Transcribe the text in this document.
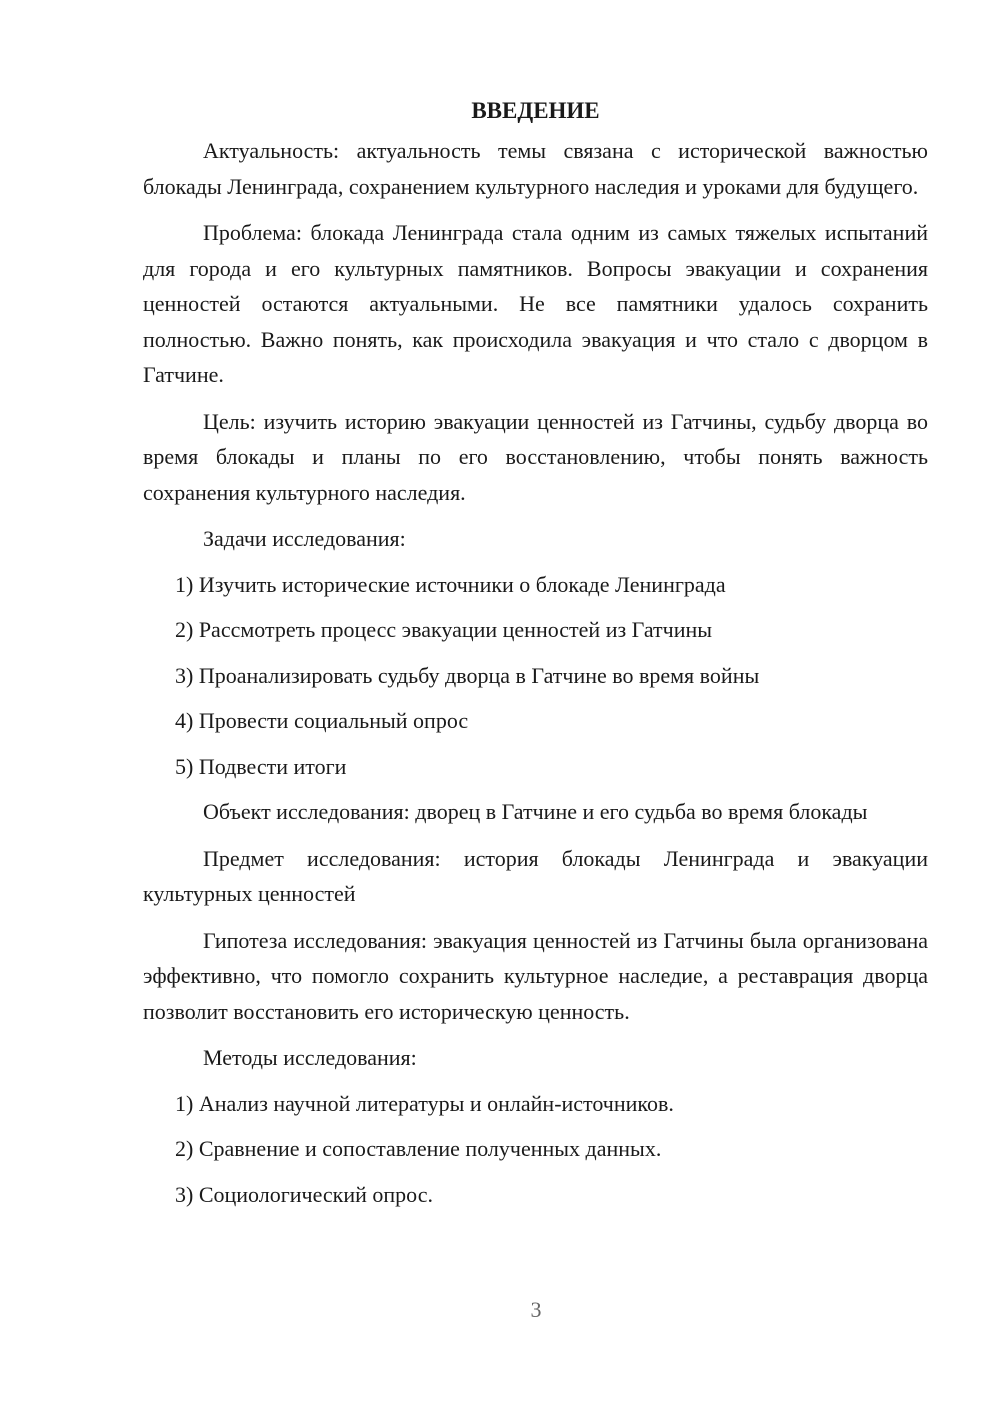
ВВЕДЕНИЕ

Актуальность: актуальность темы связана с исторической важностью блокады Ленинграда, сохранением культурного наследия и уроками для будущего.

Проблема: блокада Ленинграда стала одним из самых тяжелых испытаний для города и его культурных памятников. Вопросы эвакуации и сохранения ценностей остаются актуальными. Не все памятники удалось сохранить полностью. Важно понять, как происходила эвакуация и что стало с дворцом в Гатчине.

Цель: изучить историю эвакуации ценностей из Гатчины, судьбу дворца во время блокады и планы по его восстановлению, чтобы понять важность сохранения культурного наследия.

Задачи исследования:

1) Изучить исторические источники о блокаде Ленинграда
2) Рассмотреть процесс эвакуации ценностей из Гатчины
3) Проанализировать судьбу дворца в Гатчине во время войны
4) Провести социальный опрос
5) Подвести итоги

Объект исследования: дворец в Гатчине и его судьба во время блокады

Предмет исследования: история блокады Ленинграда и эвакуации культурных ценностей

Гипотеза исследования: эвакуация ценностей из Гатчины была организована эффективно, что помогло сохранить культурное наследие, а реставрация дворца позволит восстановить его историческую ценность.

Методы исследования:

1) Анализ научной литературы и онлайн-источников.
2) Сравнение и сопоставление полученных данных.
3) Социологический опрос.
3
